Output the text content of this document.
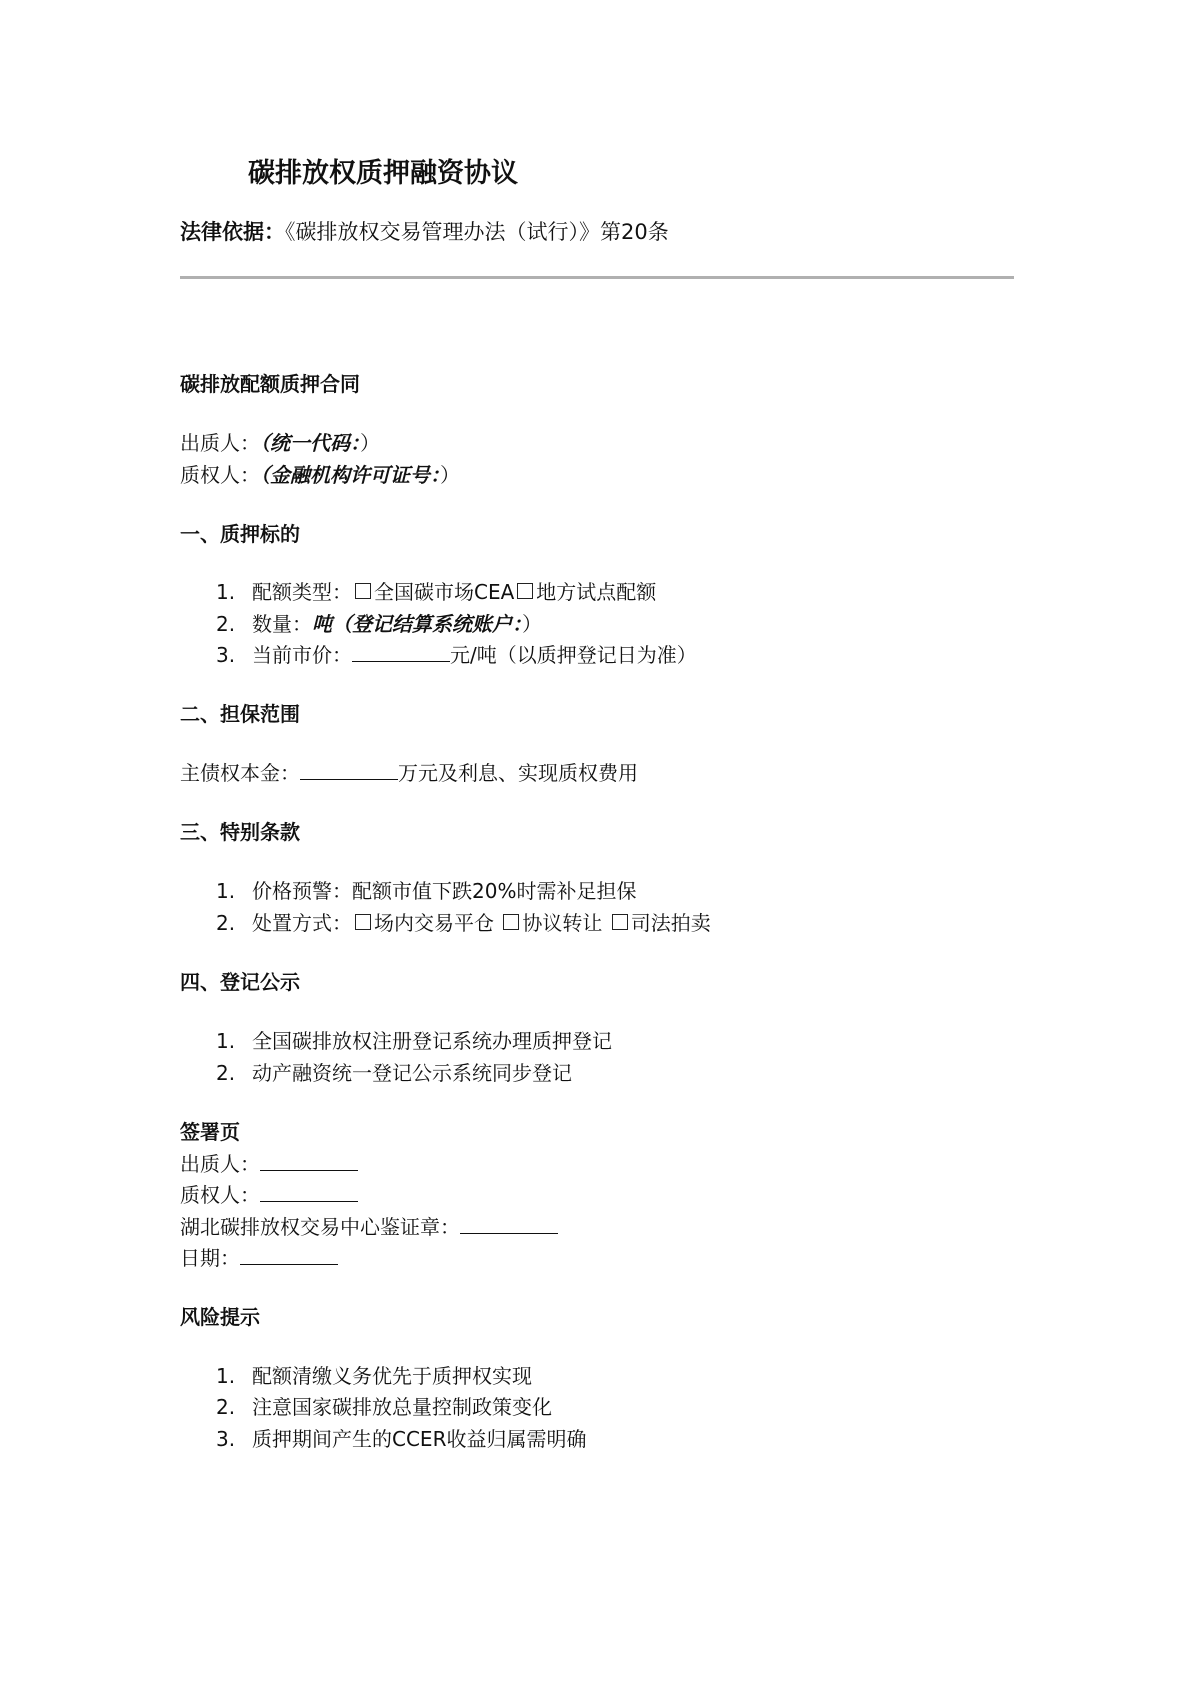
碳排放权质押融资协议
法律依据：《碳排放权交易管理办法（试行）》第20条
碳排放配额质押合同
出质人：（统一代码：）
质权人：（金融机构许可证号：）
一、质押标的
1. 配额类型： 全国碳市场CEA 地方试点配额
2. 数量：吨（登记结算系统账户：）
3. 当前市价：	元/吨（以质押登记日为准）
二、担保范围
主债权本金：	万元及利息、实现质权费用
三、特别条款
1. 价格预警：配额市值下跌20%时需补足担保
2. 处置方式： 场内交易平仓 协议转让 司法拍卖
四、登记公示
1. 全国碳排放权注册登记系统办理质押登记
2. 动产融资统一登记公示系统同步登记
签署页
出质人：
质权人：
湖北碳排放权交易中心鉴证章：
日期：
风险提示
1. 配额清缴义务优先于质押权实现
2. 注意国家碳排放总量控制政策变化
3. 质押期间产生的CCER收益归属需明确
